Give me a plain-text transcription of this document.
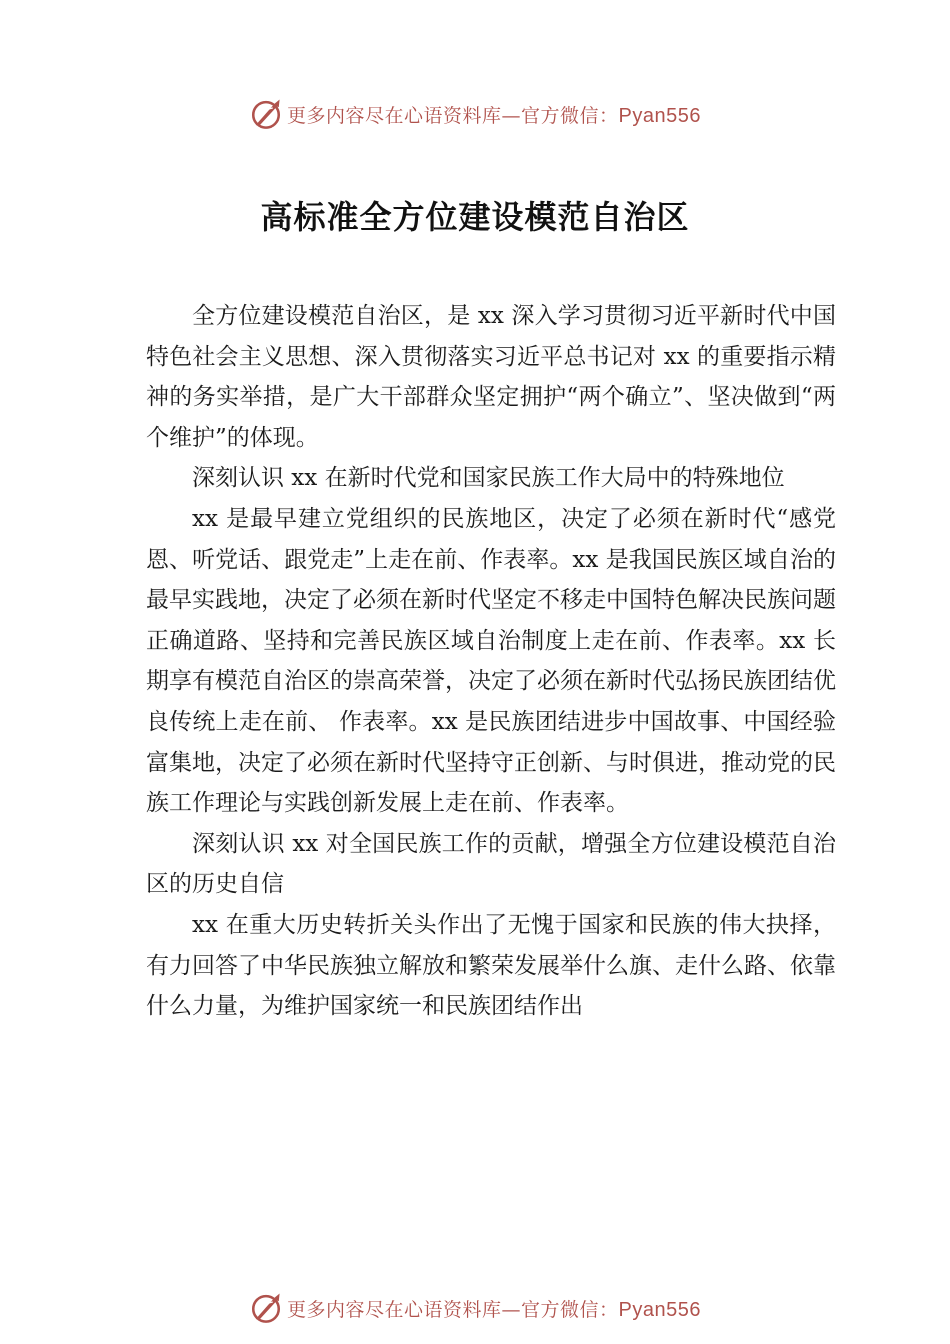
更多内容尽在心语资料库—官方微信：Pyan556
高标准全方位建设模范自治区

全方位建设模范自治区，是 xx 深入学习贯彻习近平新时代中国特色社会主义思想、深入贯彻落实习近平总书记对 xx 的重要指示精神的务实举措，是广大干部群众坚定拥护“两个确立”、坚决做到“两个维护”的体现。

深刻认识 xx 在新时代党和国家民族工作大局中的特殊地位

xx 是最早建立党组织的民族地区，决定了必须在新时代“感党恩、听党话、跟党走”上走在前、作表率。xx 是我国民族区域自治的最早实践地，决定了必须在新时代坚定不移走中国特色解决民族问题正确道路、坚持和完善民族区域自治制度上走在前、作表率。xx 长期享有模范自治区的崇高荣誉，决定了必须在新时代弘扬民族团结优良传统上走在前、 作表率。xx 是民族团结进步中国故事、中国经验富集地，决定了必须在新时代坚持守正创新、与时俱进，推动党的民族工作理论与实践创新发展上走在前、作表率。

深刻认识 xx 对全国民族工作的贡献，增强全方位建设模范自治区的历史自信

xx 在重大历史转折关头作出了无愧于国家和民族的伟大抉择，有力回答了中华民族独立解放和繁荣发展举什么旗、走什么路、依靠什么力量，为维护国家统一和民族团结作出

更多内容尽在心语资料库—官方微信：Pyan556
